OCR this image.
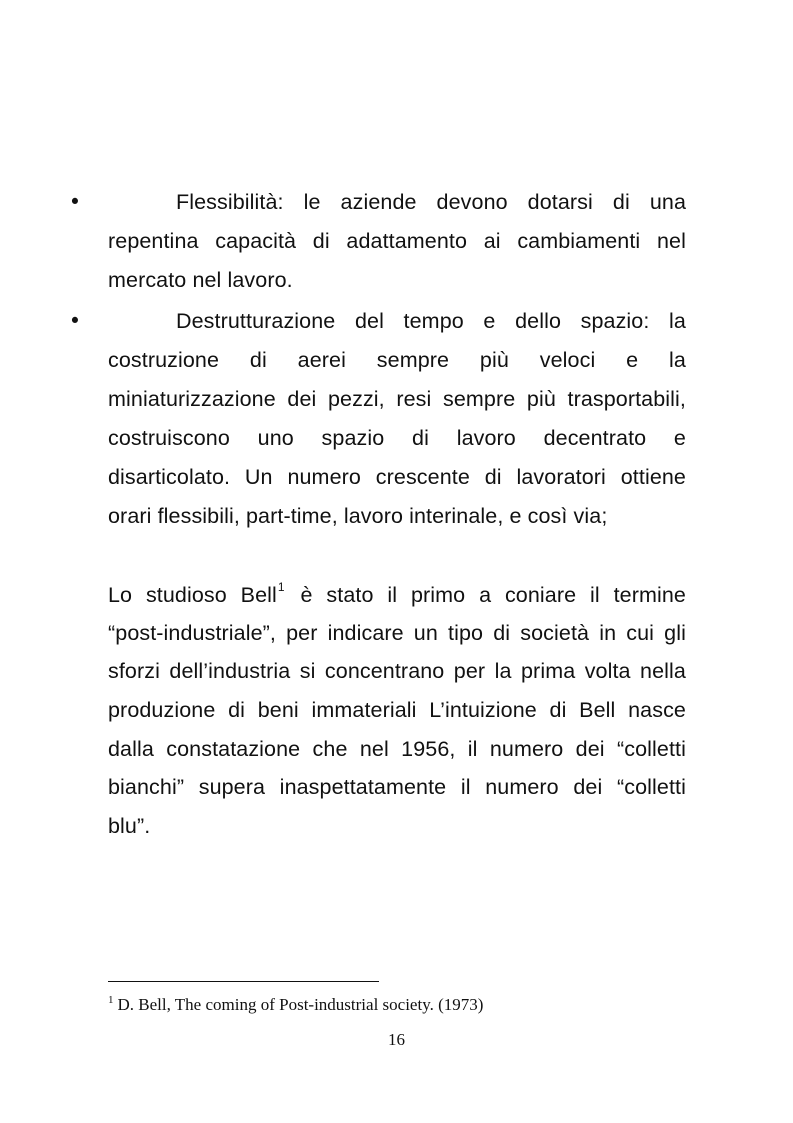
•	Flessibilità: le aziende devono dotarsi di una
repentina capacità di adattamento ai cambiamenti nel
mercato nel lavoro.
•	Destrutturazione del tempo e dello spazio: la
costruzione di aerei sempre più veloci e la
miniaturizzazione dei pezzi, resi sempre più trasportabili,
costruiscono uno spazio di lavoro decentrato e
disarticolato. Un numero crescente di lavoratori ottiene
orari flessibili, part-time, lavoro interinale, e così via;
Lo studioso Bell$^1$ è stato il primo a coniare il termine
“post-industriale”, per indicare un tipo di società in cui gli
sforzi dell’industria si concentrano per la prima volta nella
produzione di beni immateriali L’intuizione di Bell nasce
dalla constatazione che nel 1956, il numero dei “colletti
bianchi” supera inaspettatamente il numero dei “colletti
blu”.
$^1$ D. Bell, The coming of Post-industrial society. (1973)
16
